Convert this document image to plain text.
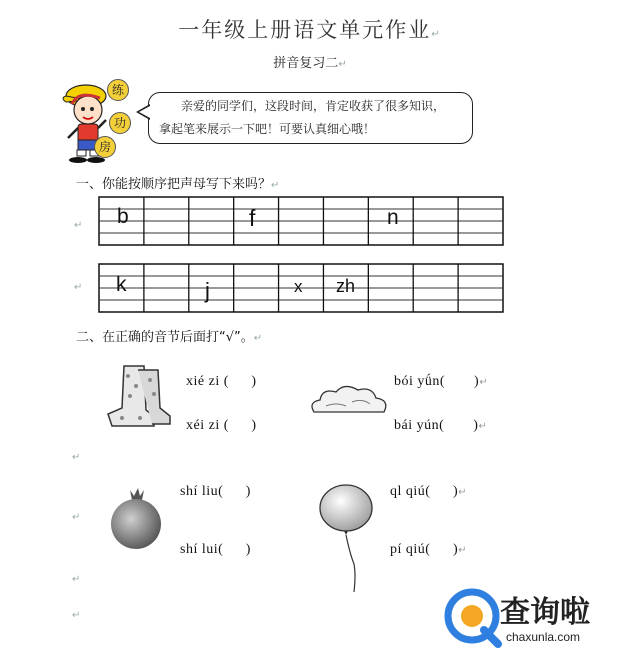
一年级上册语文单元作业↵
拼音复习二↵
练
功
房
亲爱的同学们，这段时间，肯定收获了很多知识，
拿起笔来展示一下吧！可要认真细心哦！
一、你能按顺序把声母写下来吗？↵
↵
↵
b	f	n
k	j	x zh
二、在正确的音节后面打“√”。↵
xié zi ( 　 )
xéi zi ( 　 )
bói yǘn(　　)↵
bái yún(　　)↵
↵
shí liu( 　 )
shí lui( 　 )
ql qiú( 　 )↵
pí qiú( 　 )↵
↵
↵
↵	查询啦
chaxunla.com
